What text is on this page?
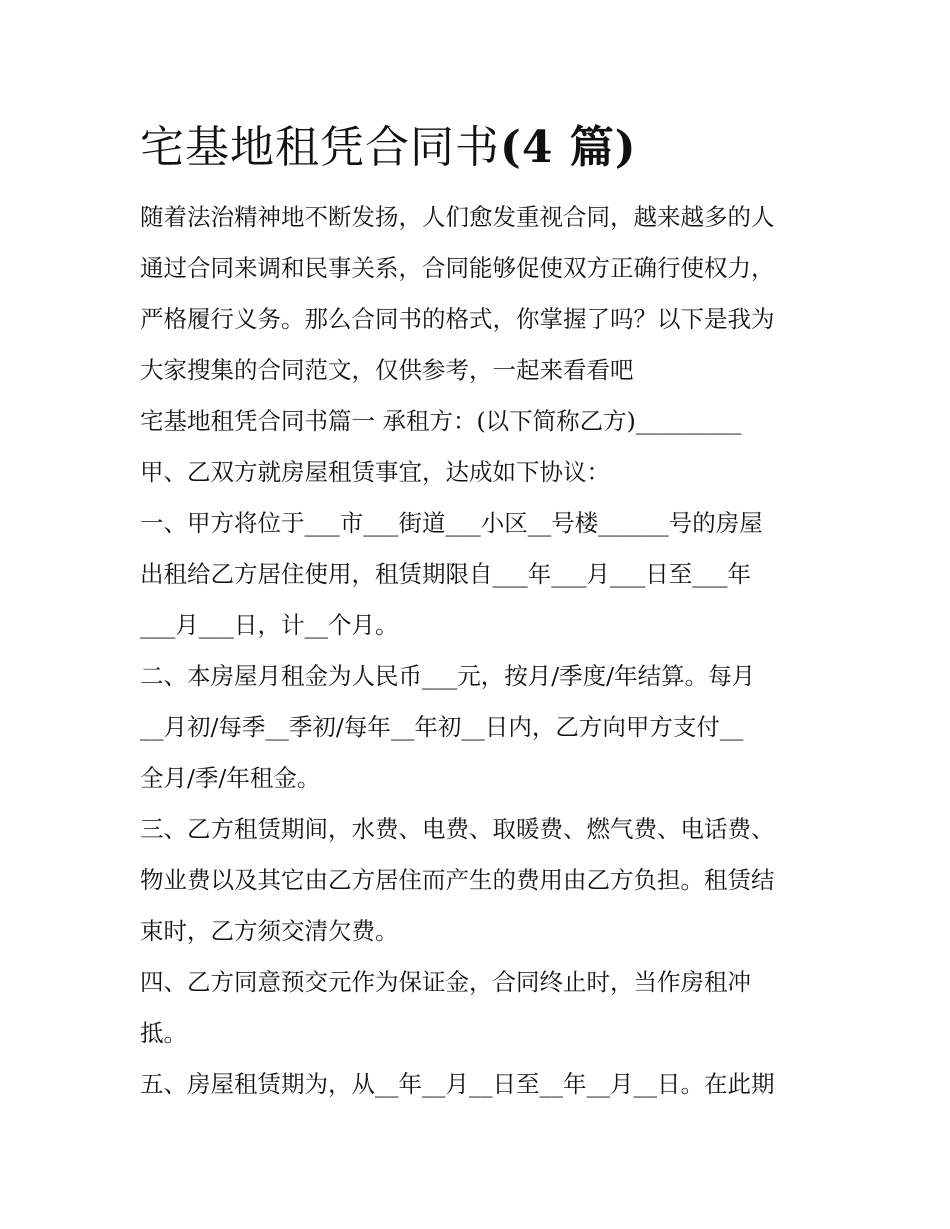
宅基地租凭合同书(4 篇)

随着法治精神地不断发扬，人们愈发重视合同，越来越多的人

通过合同来调和民事关系，合同能够促使双方正确行使权力，

严格履行义务。那么合同书的格式，你掌握了吗？以下是我为

大家搜集的合同范文，仅供参考，一起来看看吧

宅基地租凭合同书篇一 承租方：(以下简称乙方)_________

甲、乙双方就房屋租赁事宜，达成如下协议：

一、甲方将位于___市___街道___小区__号楼______号的房屋

出租给乙方居住使用，租赁期限自___年___月___日至___年

___月___日，计__个月。

二、本房屋月租金为人民币___元，按月/季度/年结算。每月

__月初/每季__季初/每年__年初__日内，乙方向甲方支付__

全月/季/年租金。

三、乙方租赁期间，水费、电费、取暖费、燃气费、电话费、

物业费以及其它由乙方居住而产生的费用由乙方负担。租赁结

束时，乙方须交清欠费。

四、乙方同意预交元作为保证金，合同终止时，当作房租冲

抵。

五、房屋租赁期为，从__年__月__日至__年__月__日。在此期
